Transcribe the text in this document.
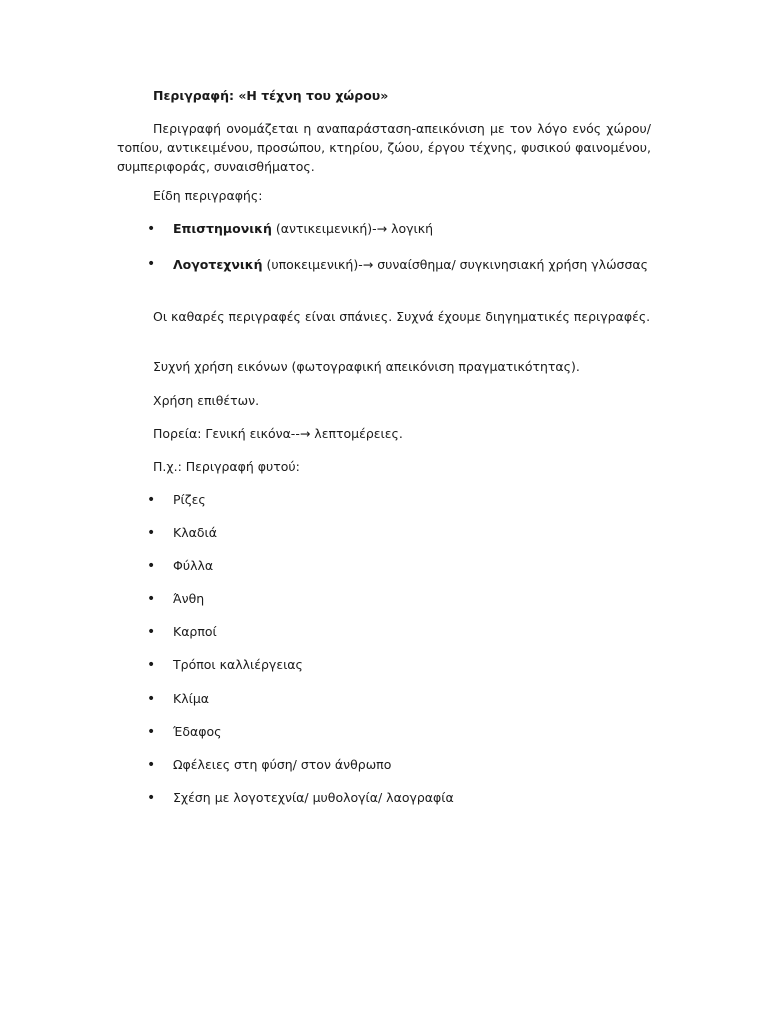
Περιγραφή: «Η τέχνη του χώρου»
Περιγραφή ονομάζεται η αναπαράσταση-απεικόνιση με τον λόγο ενός χώρου/ τοπίου, αντικειμένου, προσώπου, κτηρίου, ζώου, έργου τέχνης, φυσικού φαινομένου, συμπεριφοράς, συναισθήματος.
Είδη περιγραφής:
• Επιστημονική (αντικειμενική)-→ λογική
• Λογοτεχνική (υποκειμενική)-→ συναίσθημα/ συγκινησιακή χρήση γλώσσας
Οι καθαρές περιγραφές είναι σπάνιες. Συχνά έχουμε διηγηματικές περιγραφές.
Συχνή χρήση εικόνων (φωτογραφική απεικόνιση πραγματικότητας).
Χρήση επιθέτων.
Πορεία: Γενική εικόνα--→ λεπτομέρειες.
Π.χ.: Περιγραφή φυτού:
• Ρίζες
• Κλαδιά
• Φύλλα
• Άνθη
• Καρποί
• Τρόποι καλλιέργειας
• Κλίμα
• Έδαφος
• Ωφέλειες στη φύση/ στον άνθρωπο
• Σχέση με λογοτεχνία/ μυθολογία/ λαογραφία
